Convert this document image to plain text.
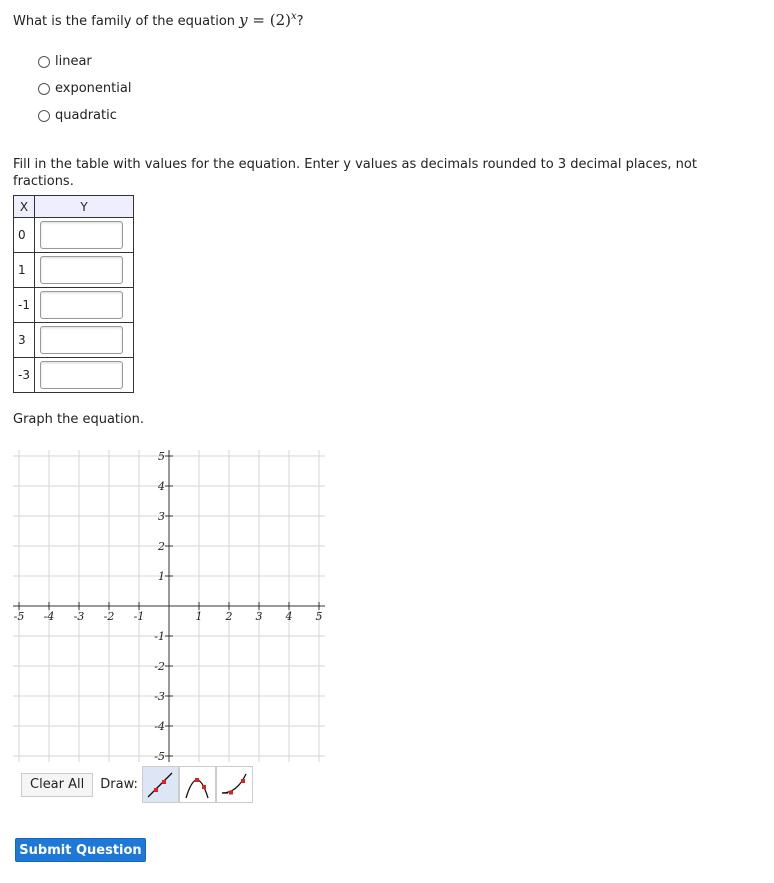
What is the family of the equation $y = (2)^x$?
linear
exponential
quadratic
Fill in the table with values for the equation. Enter y values as decimals rounded to 3 decimal places, not fractions.
X	Y
0	

1	

-1	

3	

-3	
Graph the equation.
-5 -4 -3 -2 -1	1 2 3 4 5
5
4
3
2
1
-1
-2
-3
-4
-5
Clear All	Draw:
Submit Question
